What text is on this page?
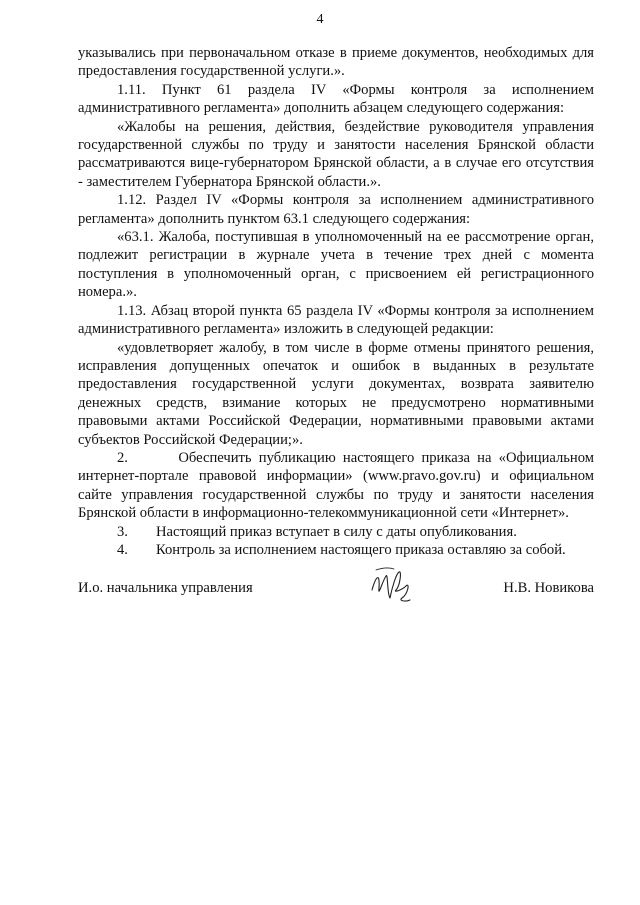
4

указывались при первоначальном отказе в приеме документов, необходимых для предоставления государственной услуги.».

1.11. Пункт 61 раздела IV «Формы контроля за исполнением административного регламента» дополнить абзацем следующего содержания:

«Жалобы на решения, действия, бездействие руководителя управления государственной службы по труду и занятости населения Брянской области рассматриваются вице-губернатором Брянской области, а в случае его отсутствия - заместителем Губернатора Брянской области.».

1.12. Раздел IV «Формы контроля за исполнением административного регламента» дополнить пунктом 63.1 следующего содержания:

«63.1. Жалоба, поступившая в уполномоченный на ее рассмотрение орган, подлежит регистрации в журнале учета в течение трех дней с момента поступления в уполномоченный орган, с присвоением ей регистрационного номера.».

1.13. Абзац второй пункта 65 раздела IV «Формы контроля за исполнением административного регламента» изложить в следующей редакции:

«удовлетворяет жалобу, в том числе в форме отмены принятого решения, исправления допущенных опечаток и ошибок в выданных в результате предоставления государственной услуги документах, возврата заявителю денежных средств, взимание которых не предусмотрено нормативными правовыми актами Российской Федерации, нормативными правовыми актами субъектов Российской Федерации;».

2.	Обеспечить публикацию настоящего приказа на «Официальном интернет-портале правовой информации» (www.pravo.gov.ru) и официальном сайте управления государственной службы по труду и занятости населения Брянской области в информационно-телекоммуникационной сети «Интернет».

3.	Настоящий приказ вступает в силу с даты опубликования.
4.	Контроль за исполнением настоящего приказа оставляю за собой.
И.о. начальника управления	Н.В. Новикова
